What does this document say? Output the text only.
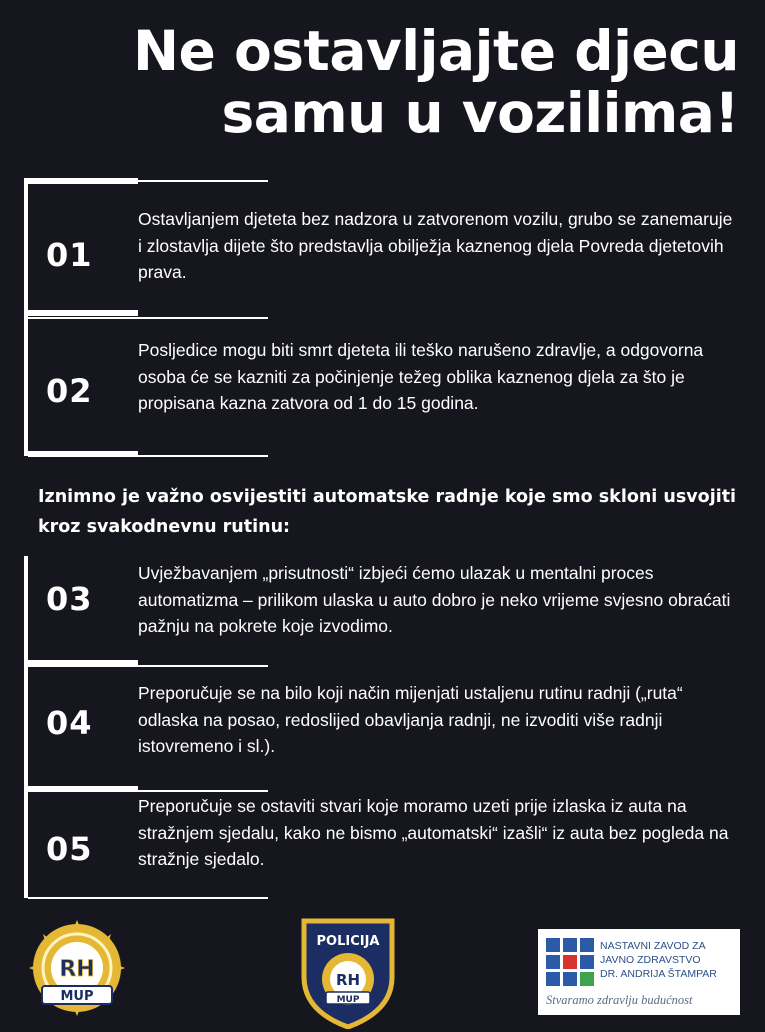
Ne ostavljajte djecu
samu u vozilima!
01
Ostavljanjem djeteta bez nadzora u zatvorenom vozilu, grubo se zanemaruje i zlostavlja dijete što predstavlja obilježja kaznenog djela Povreda djetetovih prava.
02
Posljedice mogu biti smrt djeteta ili teško narušeno zdravlje, a odgovorna osoba će se kazniti za počinjenje težeg oblika kaznenog djela za što je propisana kazna zatvora od 1 do 15 godina.
Iznimno je važno osvijestiti automatske radnje koje smo skloni usvojiti kroz svakodnevnu rutinu:
03
Uvježbavanjem „prisutnosti“ izbjeći ćemo ulazak u mentalni proces automatizma – prilikom ulaska u auto dobro je neko vrijeme svjesno obraćati pažnju na pokrete koje izvodimo.
04
Preporučuje se na bilo koji način mijenjati ustaljenu rutinu radnji („ruta“ odlaska na posao, redoslijed obavljanja radnji, ne izvoditi više radnji istovremeno i sl.).
05
Preporučuje se ostaviti stvari koje moramo uzeti prije izlaska iz auta na stražnjem sjedalu, kako ne bismo „automatski“ izašli“ iz auta bez pogleda na stražnje sjedalo.
RH
MUP
POLICIJA
RH
MUP
NASTAVNI ZAVOD ZA
JAVNO ZDRAVSTVO
DR. ANDRIJA ŠTAMPAR
Stvaramo zdravlju budućnost
